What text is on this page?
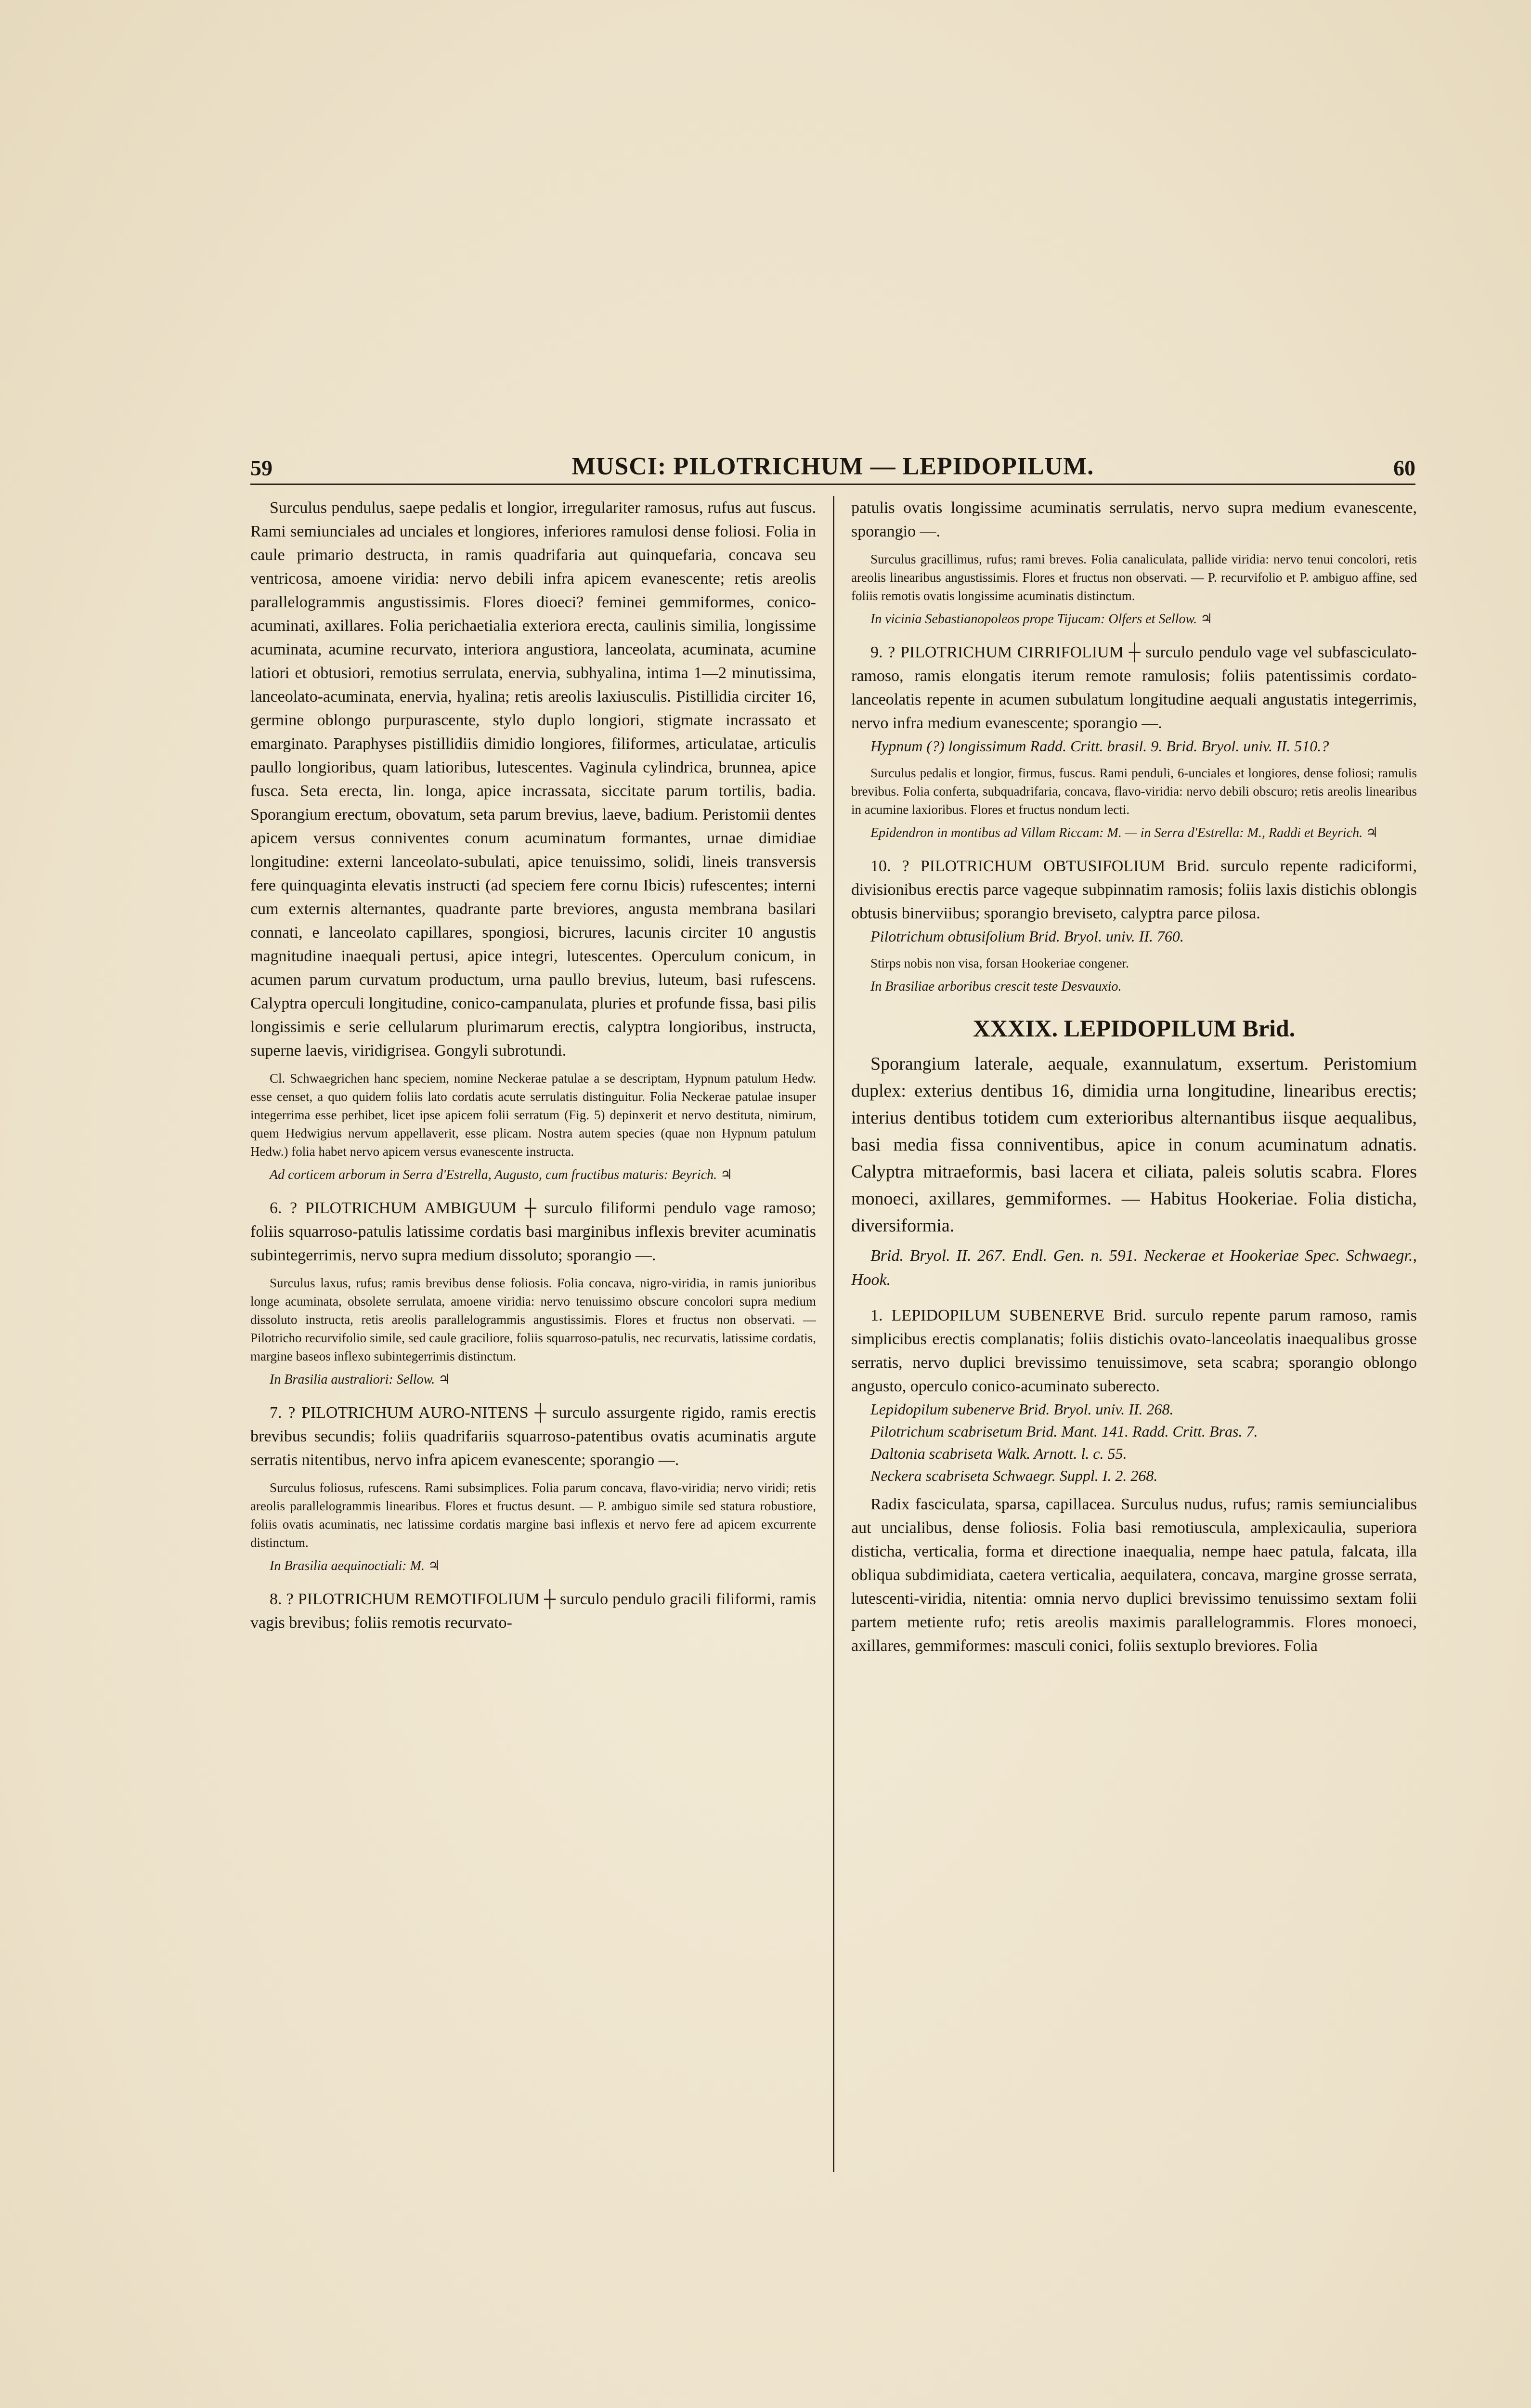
59	MUSCI: PILOTRICHUM — LEPIDOPILUM.	60

Surculus pendulus, saepe pedalis et longior, irregulariter ramosus, rufus aut fuscus. Rami semiunciales ad unciales et longiores, inferiores ramulosi dense foliosi. Folia in caule primario destructa, in ramis quadrifaria aut quinquefaria, concava seu ventricosa, amoene viridia: nervo debili infra apicem evanescente; retis areolis parallelogrammis angustissimis. Flores dioeci? feminei gemmiformes, conico-acuminati, axillares. Folia perichaetialia exteriora erecta, caulinis similia, longissime acuminata, acumine recurvato, interiora angustiora, lanceolata, acuminata, acumine latiori et obtusiori, remotius serrulata, enervia, subhyalina, intima 1—2 minutissima, lanceolato-acuminata, enervia, hyalina; retis areolis laxiusculis. Pistillidia circiter 16, germine oblongo purpurascente, stylo duplo longiori, stigmate incrassato et emarginato. Paraphyses pistillidiis dimidio longiores, filiformes, articulatae, articulis paullo longioribus, quam latioribus, lutescentes. Vaginula cylindrica, brunnea, apice fusca. Seta erecta, lin. longa, apice incrassata, siccitate parum tortilis, badia. Sporangium erectum, obovatum, seta parum brevius, laeve, badium. Peristomii dentes apicem versus conniventes conum acuminatum formantes, urnae dimidiae longitudine: externi lanceolato-subulati, apice tenuissimo, solidi, lineis transversis fere quinquaginta elevatis instructi (ad speciem fere cornu Ibicis) rufescentes; interni cum externis alternantes, quadrante parte breviores, angusta membrana basilari connati, e lanceolato capillares, spongiosi, bicrures, lacunis circiter 10 angustis magnitudine inaequali pertusi, apice integri, lutescentes. Operculum conicum, in acumen parum curvatum productum, urna paullo brevius, luteum, basi rufescens. Calyptra operculi longitudine, conico-campanulata, pluries et profunde fissa, basi pilis longissimis e serie cellularum plurimarum erectis, calyptra longioribus, instructa, superne laevis, viridigrisea. Gongyli subrotundi.

Cl. Schwaegrichen hanc speciem, nomine Neckerae patulae a se descriptam, Hypnum patulum Hedw. esse censet, a quo quidem foliis lato cordatis acute serrulatis distinguitur. Folia Neckerae patulae insuper integerrima esse perhibet, licet ipse apicem folii serratum (Fig. 5) depinxerit et nervo destituta, nimirum, quem Hedwigius nervum appellaverit, esse plicam. Nostra autem species (quae non Hypnum patulum Hedw.) folia habet nervo apicem versus evanescente instructa.

Ad corticem arborum in Serra d'Estrella, Augusto, cum fructibus maturis: Beyrich. ♃

6. ? PILOTRICHUM AMBIGUUM ┼ surculo filiformi pendulo vage ramoso; foliis squarroso-patulis latissime cordatis basi marginibus inflexis breviter acuminatis subintegerrimis, nervo supra medium dissoluto; sporangio —.

Surculus laxus, rufus; ramis brevibus dense foliosis. Folia concava, nigro-viridia, in ramis junioribus longe acuminata, obsolete serrulata, amoene viridia: nervo tenuissimo obscure concolori supra medium dissoluto instructa, retis areolis parallelogrammis angustissimis. Flores et fructus non observati. — Pilotricho recurvifolio simile, sed caule graciliore, foliis squarroso-patulis, nec recurvatis, latissime cordatis, margine baseos inflexo subintegerrimis distinctum.

In Brasilia australiori: Sellow. ♃

7. ? PILOTRICHUM AURO-NITENS ┼ surculo assurgente rigido, ramis erectis brevibus secundis; foliis quadrifariis squarroso-patentibus ovatis acuminatis argute serratis nitentibus, nervo infra apicem evanescente; sporangio —.

Surculus foliosus, rufescens. Rami subsimplices. Folia parum concava, flavo-viridia; nervo viridi; retis areolis parallelogrammis linearibus. Flores et fructus desunt. — P. ambiguo simile sed statura robustiore, foliis ovatis acuminatis, nec latissime cordatis margine basi inflexis et nervo fere ad apicem excurrente distinctum.

In Brasilia aequinoctiali: M. ♃

8. ? PILOTRICHUM REMOTIFOLIUM ┼ surculo pendulo gracili filiformi, ramis vagis brevibus; foliis remotis recurvato-

patulis ovatis longissime acuminatis serrulatis, nervo supra medium evanescente, sporangio —.

Surculus gracillimus, rufus; rami breves. Folia canaliculata, pallide viridia: nervo tenui concolori, retis areolis linearibus angustissimis. Flores et fructus non observati. — P. recurvifolio et P. ambiguo affine, sed foliis remotis ovatis longissime acuminatis distinctum.

In vicinia Sebastianopoleos prope Tijucam: Olfers et Sellow. ♃

9. ? PILOTRICHUM CIRRIFOLIUM ┼ surculo pendulo vage vel subfasciculato-ramoso, ramis elongatis iterum remote ramulosis; foliis patentissimis cordato-lanceolatis repente in acumen subulatum longitudine aequali angustatis integerrimis, nervo infra medium evanescente; sporangio —.

Hypnum (?) longissimum Radd. Critt. brasil. 9. Brid. Bryol. univ. II. 510.?

Surculus pedalis et longior, firmus, fuscus. Rami penduli, 6-unciales et longiores, dense foliosi; ramulis brevibus. Folia conferta, subquadrifaria, concava, flavo-viridia: nervo debili obscuro; retis areolis linearibus in acumine laxioribus. Flores et fructus nondum lecti.

Epidendron in montibus ad Villam Riccam: M. — in Serra d'Estrella: M., Raddi et Beyrich. ♃

10. ? PILOTRICHUM OBTUSIFOLIUM Brid. surculo repente radiciformi, divisionibus erectis parce vageque subpinnatim ramosis; foliis laxis distichis oblongis obtusis binerviibus; sporangio breviseto, calyptra parce pilosa.

Pilotrichum obtusifolium Brid. Bryol. univ. II. 760.

Stirps nobis non visa, forsan Hookeriae congener.

In Brasiliae arboribus crescit teste Desvauxio.

XXXIX. LEPIDOPILUM Brid.

Sporangium laterale, aequale, exannulatum, exsertum. Peristomium duplex: exterius dentibus 16, dimidia urna longitudine, linearibus erectis; interius dentibus totidem cum exterioribus alternantibus iisque aequalibus, basi media fissa conniventibus, apice in conum acuminatum adnatis. Calyptra mitraeformis, basi lacera et ciliata, paleis solutis scabra. Flores monoeci, axillares, gemmiformes. — Habitus Hookeriae. Folia disticha, diversiformia.

Brid. Bryol. II. 267. Endl. Gen. n. 591. Neckerae et Hookeriae Spec. Schwaegr., Hook.

1. LEPIDOPILUM SUBENERVE Brid. surculo repente parum ramoso, ramis simplicibus erectis complanatis; foliis distichis ovato-lanceolatis inaequalibus grosse serratis, nervo duplici brevissimo tenuissimove, seta scabra; sporangio oblongo angusto, operculo conico-acuminato suberecto.

Lepidopilum subenerve Brid. Bryol. univ. II. 268.

Pilotrichum scabrisetum Brid. Mant. 141. Radd. Critt. Bras. 7.

Daltonia scabriseta Walk. Arnott. l. c. 55.

Neckera scabriseta Schwaegr. Suppl. I. 2. 268.

Radix fasciculata, sparsa, capillacea. Surculus nudus, rufus; ramis semiuncialibus aut uncialibus, dense foliosis. Folia basi remotiuscula, amplexicaulia, superiora disticha, verticalia, forma et directione inaequalia, nempe haec patula, falcata, illa obliqua subdimidiata, caetera verticalia, aequilatera, concava, margine grosse serrata, lutescenti-viridia, nitentia: omnia nervo duplici brevissimo tenuissimo sextam folii partem metiente rufo; retis areolis maximis parallelogrammis. Flores monoeci, axillares, gemmiformes: masculi conici, foliis sextuplo breviores. Folia
